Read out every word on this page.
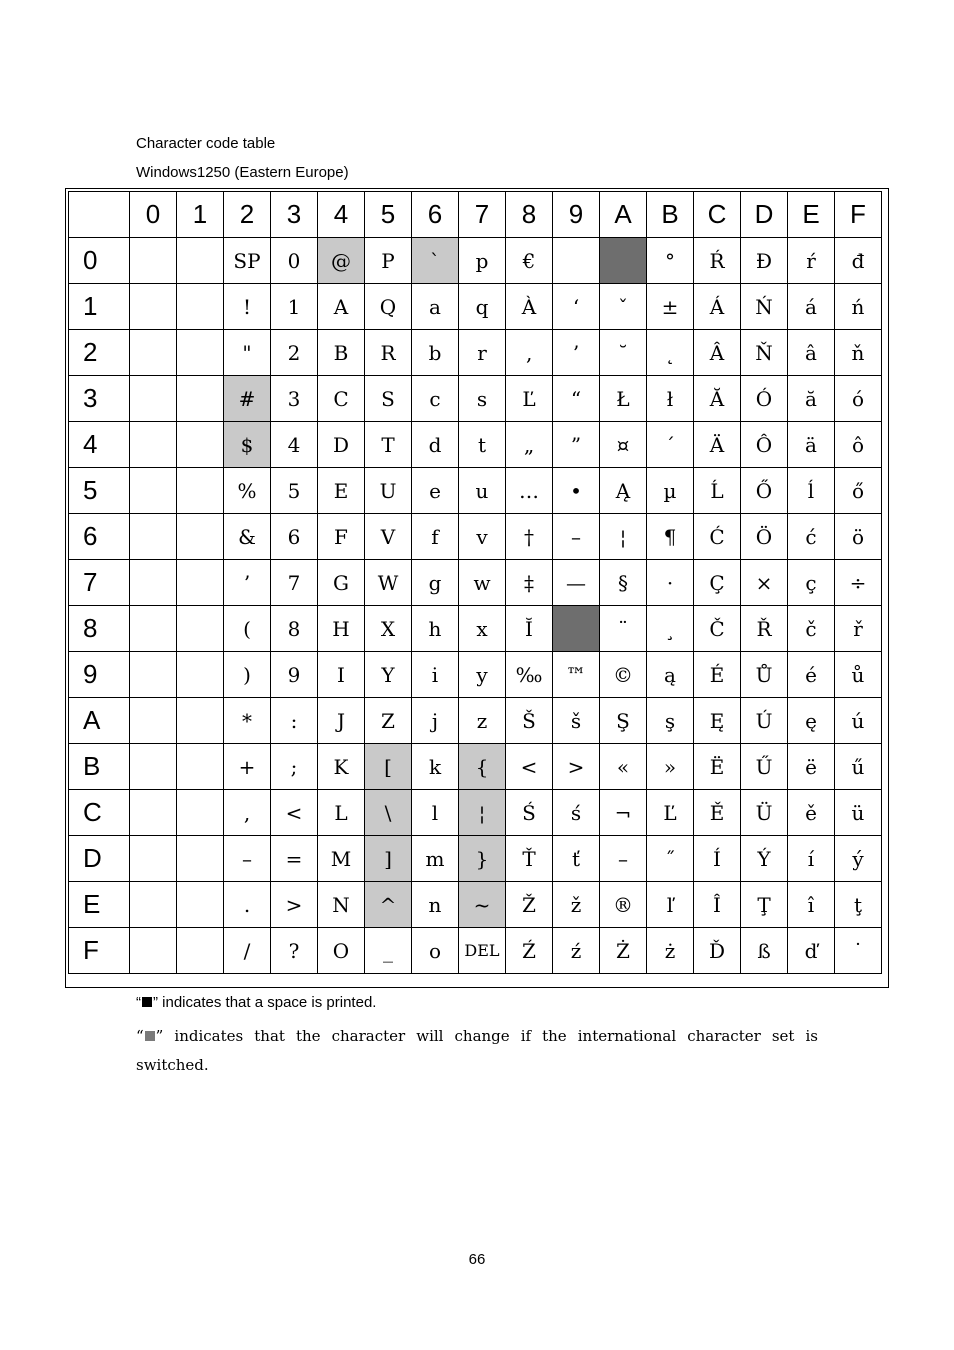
Character code table
Windows1250 (Eastern Europe)
	0	1	2	3	4	5	6	7	8	9	A	B	C	D	E	F
0			SP	0	@	P	`	p	€			°	Ŕ	Đ	ŕ	đ
1			!	1	A	Q	a	q	À	‘	ˇ	±	Á	Ń	á	ń
2			"	2	B	R	b	r	‚	’	˘	˛	Â	Ň	â	ň
3			#	3	C	S	c	s	Ľ	“	Ł	ł	Ă	Ó	ă	ó
4			$	4	D	T	d	t	„	”	¤	´	Ä	Ô	ä	ô
5			%	5	E	U	e	u	…	•	Ą	µ	Ĺ	Ő	ĺ	ő
6			&	6	F	V	f	v	†	–	¦	¶	Ć	Ö	ć	ö
7			’	7	G	W	g	w	‡	—	§	·	Ç	×	ç	÷
8			(	8	H	X	h	x	Ĭ		¨	¸	Č	Ř	č	ř
9			)	9	I	Y	i	y	‰	™	©	ą	É	Ů	é	ů
A			*	:	J	Z	j	z	Š	š	Ş	ş	Ę	Ú	ę	ú
B			+	;	K	[	k	{	<	>	«	»	Ë	Ű	ë	ű
C			,	<	L	\	l	¦	Ś	ś	¬	Ľ	Ě	Ü	ě	ü
D			–	=	M	]	m	}	Ť	ť	–	˝	Í	Ý	í	ý
E			.	>	N	^	n	~	Ž	ž	®	ľ	Î	Ţ	î	ţ
F			/	?	O	_	o	DEL	Ź	ź	Ż	ż	Ď	ß	ď	˙
“ ” indicates that a space is printed.
“ ” indicates that the character will change if the international character set is switched.
66
